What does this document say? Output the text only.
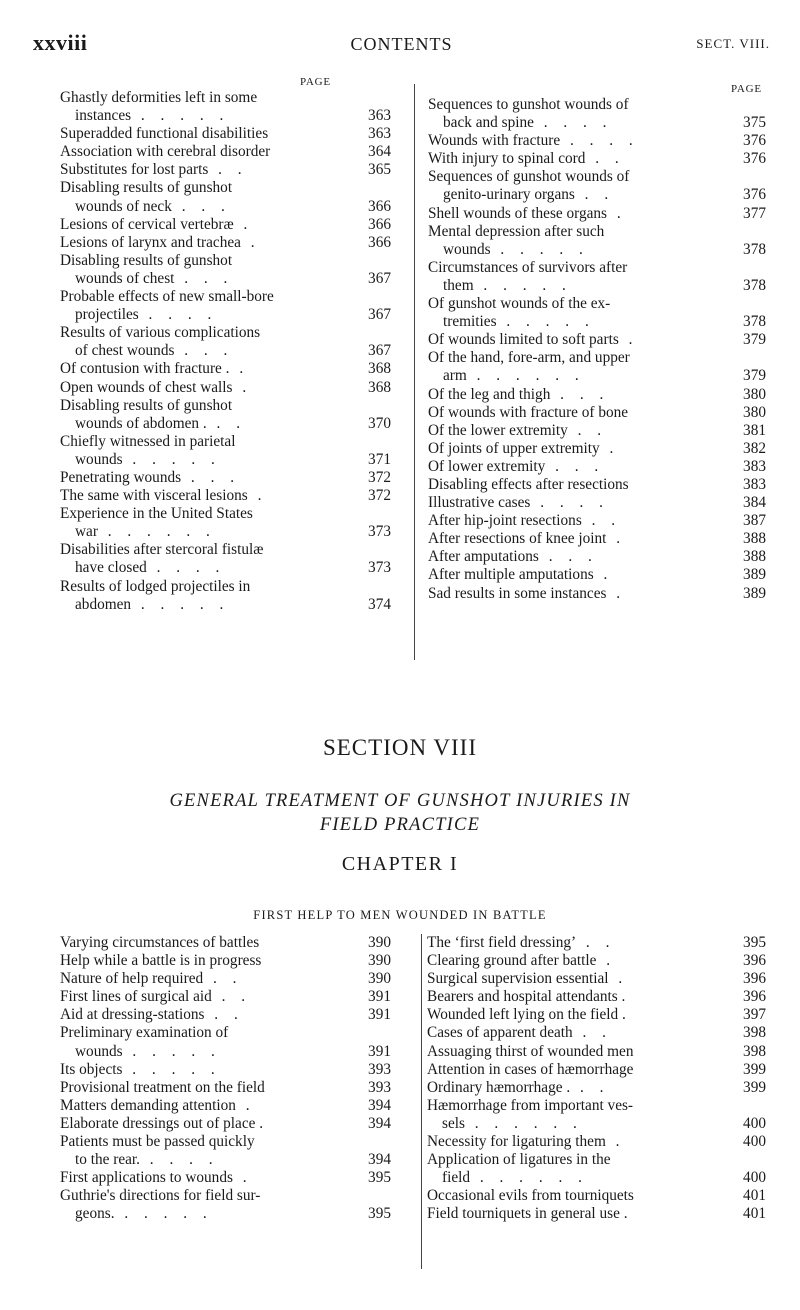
xxviii	CONTENTS	SECT. VIII.
PAGE
PAGE
Ghastly deformities left in some
instances . . . . .	363
Superadded functional disabilities	363
Association with cerebral disorder	364
Substitutes for lost parts . .	365
Disabling results of gunshot
wounds of neck . . .	366
Lesions of cervical vertebræ .	366
Lesions of larynx and trachea .	366
Disabling results of gunshot
wounds of chest . . .	367
Probable effects of new small-bore
projectiles . . . .	367
Results of various complications
of chest wounds . . .	367
Of contusion with fracture . .	368
Open wounds of chest walls .	368
Disabling results of gunshot
wounds of abdomen . . .	370
Chiefly witnessed in parietal
wounds . . . . .	371
Penetrating wounds . . .	372
The same with visceral lesions .	372
Experience in the United States
war . . . . . .	373
Disabilities after stercoral fistulæ
have closed . . . .	373
Results of lodged projectiles in
abdomen . . . . .	374
Sequences to gunshot wounds of
back and spine . . . .	375
Wounds with fracture . . . .	376
With injury to spinal cord . .	376
Sequences of gunshot wounds of
genito-urinary organs . .	376
Shell wounds of these organs .	377
Mental depression after such
wounds . . . . .	378
Circumstances of survivors after
them . . . . .	378
Of gunshot wounds of the ex-
tremities . . . . .	378
Of wounds limited to soft parts .	379
Of the hand, fore-arm, and upper
arm . . . . . .	379
Of the leg and thigh . . .	380
Of wounds with fracture of bone	380
Of the lower extremity . .	381
Of joints of upper extremity .	382
Of lower extremity . . .	383
Disabling effects after resections	383
Illustrative cases . . . .	384
After hip-joint resections . .	387
After resections of knee joint .	388
After amputations . . .	388
After multiple amputations .	389
Sad results in some instances .	389
SECTION VIII
GENERAL TREATMENT OF GUNSHOT INJURIES IN
FIELD PRACTICE
CHAPTER I
FIRST HELP TO MEN WOUNDED IN BATTLE
Varying circumstances of battles	390
Help while a battle is in progress	390
Nature of help required . .	390
First lines of surgical aid . .	391
Aid at dressing-stations . .	391
Preliminary examination of
wounds . . . . .	391
Its objects . . . . .	393
Provisional treatment on the field	393
Matters demanding attention .	394
Elaborate dressings out of place .	394
Patients must be passed quickly
to the rear. . . . .	394
First applications to wounds .	395
Guthrie's directions for field sur-
geons. . . . . .	395
The ‘first field dressing’ . .	395
Clearing ground after battle .	396
Surgical supervision essential .	396
Bearers and hospital attendants .	396
Wounded left lying on the field .	397
Cases of apparent death . .	398
Assuaging thirst of wounded men	398
Attention in cases of hæmorrhage	399
Ordinary hæmorrhage . . .	399
Hæmorrhage from important ves-
sels . . . . . .	400
Necessity for ligaturing them .	400
Application of ligatures in the
field . . . . . .	400
Occasional evils from tourniquets	401
Field tourniquets in general use .	401
